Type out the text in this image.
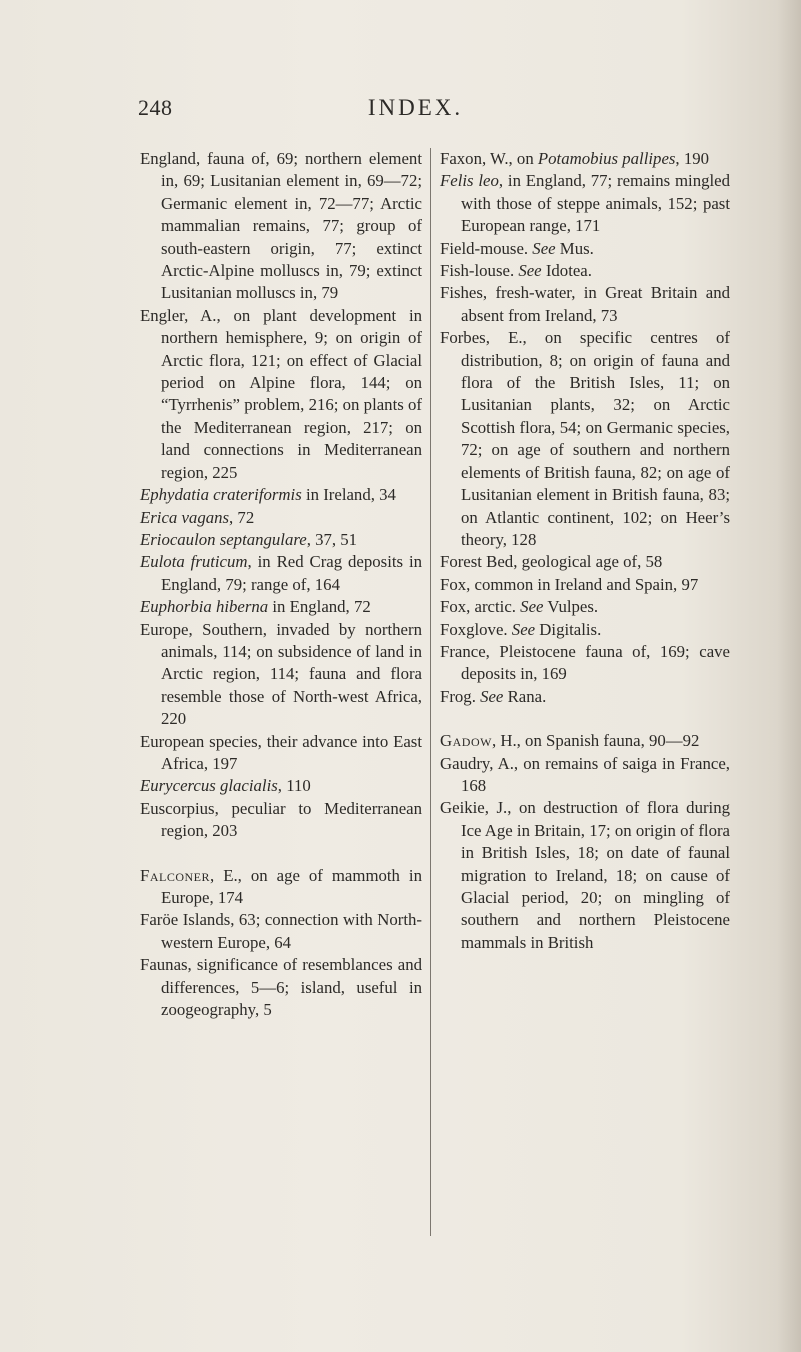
248	INDEX.
England, fauna of, 69; northern element in, 69; Lusitanian element in, 69—72; Germanic element in, 72—77; Arctic mammalian remains, 77; group of south-eastern origin, 77; extinct Arctic-Alpine molluscs in, 79; extinct Lusitanian molluscs in, 79
Engler, A., on plant development in northern hemisphere, 9; on origin of Arctic flora, 121; on effect of Glacial period on Alpine flora, 144; on “Tyrrhenis” problem, 216; on plants of the Mediterranean region, 217; on land connections in Mediterranean region, 225
Ephydatia crateriformis in Ireland, 34
Erica vagans, 72
Eriocaulon septangulare, 37, 51
Eulota fruticum, in Red Crag deposits in England, 79; range of, 164
Euphorbia hiberna in England, 72
Europe, Southern, invaded by northern animals, 114; on subsidence of land in Arctic region, 114; fauna and flora resemble those of North-west Africa, 220
European species, their advance into East Africa, 197
Eurycercus glacialis, 110
Euscorpius, peculiar to Mediterranean region, 203
Falconer, E., on age of mammoth in Europe, 174
Faröe Islands, 63; connection with North-western Europe, 64
Faunas, significance of resemblances and differences, 5—6; island, useful in zoogeography, 5
Faxon, W., on Potamobius pallipes, 190
Felis leo, in England, 77; remains mingled with those of steppe animals, 152; past European range, 171
Field-mouse. See Mus.
Fish-louse. See Idotea.
Fishes, fresh-water, in Great Britain and absent from Ireland, 73
Forbes, E., on specific centres of distribution, 8; on origin of fauna and flora of the British Isles, 11; on Lusitanian plants, 32; on Arctic Scottish flora, 54; on Germanic species, 72; on age of southern and northern elements of British fauna, 82; on age of Lusitanian element in British fauna, 83; on Atlantic continent, 102; on Heer’s theory, 128
Forest Bed, geological age of, 58
Fox, common in Ireland and Spain, 97
Fox, arctic. See Vulpes.
Foxglove. See Digitalis.
France, Pleistocene fauna of, 169; cave deposits in, 169
Frog. See Rana.
Gadow, H., on Spanish fauna, 90—92
Gaudry, A., on remains of saiga in France, 168
Geikie, J., on destruction of flora during Ice Age in Britain, 17; on origin of flora in British Isles, 18; on date of faunal migration to Ireland, 18; on cause of Glacial period, 20; on mingling of southern and northern Pleistocene mammals in British
